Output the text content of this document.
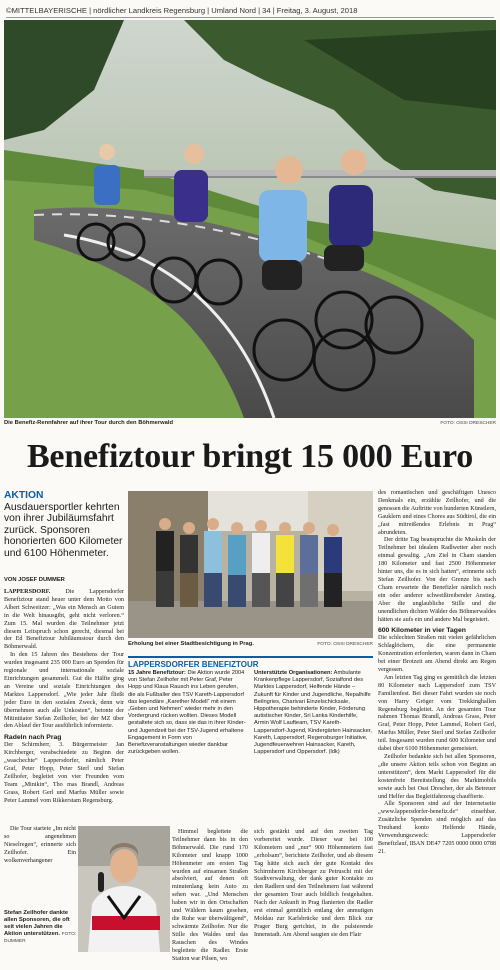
©MITTELBAYERISCHE | nördlicher Landkreis Regensburg | Umland Nord | 34 | Freitag, 3. August, 2018
Die Benefiz-Rennfahrer auf ihrer Tour durch den Böhmerwald	FOTO: OSSI DRESCHER
Benefiztour bringt 15 000 Euro
AKTION Ausdauersportler kehrten von ihrer Jubiläumsfahrt zurück. Sponsoren honorierten 600 Kilometer und 6100 Höhenmeter.
VON JOSEF DUMMER

LAPPERSDORF. Die Lappersdorfer Benefiztour stand heuer unter dem Motto von Albert Schweitzer: „Was ein Mensch an Gutem in die Welt hinausgibt, geht nicht verloren.“ Zum 15. Mal wurden die Teilnehmer jetzt diesem Leitspruch schon gerecht, diesmal bei der Ed Benefiztour Jubiläumstour durch den Böhmerwald.

In den 15 Jahren des Bestehens der Tour wurden insgesamt 235 000 Euro an Spenden für regionale und internationale soziale Einrichtungen gesammelt. Gut die Hälfte ging an Vereine und soziale Einrichtungen des Marktes Lappersdorf. „Wie jeder Jahr fließt jeder Euro in den sozialen Zweck, denn wir übernehmen auch alle Unkosten“, betonte der Mitinitiator Stefan Zeilhofer, bei der MZ über den Ablauf der Tour ausführlich informierte.

Radeln nach Prag

Der Schirmherr, 3. Bürgermeister Jan Kirchberger, verabschiedete zu Beginn der „waschechte“ Lappersdorfer, nämlich Peter Graf, Peter Hopp, Peter Sterl und Stefan Zeilhofer, begleitet von vier Freunden vom Team „Minikin“, Tho mas Brandl, Andreas Grass, Robert Gerl und Marfus Müller sowie Peter Lammel vom Rikkerstam Regensburg.

Die Tour startete „Im nicht so angenehmen Nieselregen“, erinnerte sich Zeilhofer. Ein wolkenverhangener

Stefan Zeilhofer dankte allen Sponsoren, die oft seit vielen Jahren die Aktion unterstützen. FOTO: DUMMER
Erholung bei einer Stadtbesichtigung in Prag.	FOTO: OSSI DRESCHER
LAPPERSDORFER BENEFIZTOUR
15 Jahre Benefiztour: Die Aktion wurde 2004 von Stefan Zeilhofer mit Peter Graf, Peter Hopp und Klaus Rausch ins Leben gerufen, die als Fußballer des TSV Kareth-Lappersdorf das legendäre „Karether Modell“ mit einem „Geben und Nehmen“ wieder mehr in den Vordergrund rücken wollten. Dieses Modell gestaltete sich so, dass sie das in ihrer Kinder- und Jugendzeit bei der TSV-Jugend erhaltene Engagement in Form von Benefizveranstaltungen wieder dankbar zurückgeben wollen.
Unterstützte Organisationen: Ambulante Krankenpflege Lappersdorf, Sozialfond des Marktes Lappersdorf, Helfende Hände – Zukunft für Kinder und Jugendliche, Nepalhilfe Beilngries, Charivari Einzelschicksale, Hippotherapie behinderte Kinder, Förderung autistischer Kinder, Sri Lanka Kinderhilfe, Armin Wolf Laufteam, TSV Kareth-Lappersdorf-Jugend, Kindergärten Hainsacker, Kareth, Lappersdorf, Regensburger Initiative, Jugendfeuerwehren Hainsacker, Kareth, Lappersdorf und Oppersdorf. (ldk)

Himmel begleitete die Teilnehmer dann bis in den Böhmerwald. Die rund 170 Kilometer und knapp 1000 Höhenmeter am ersten Tag wurden auf einsamen Straßen absolviert, auf denen oft minutenlang kein Auto zu sehen war. „Und Menschen haben wir in den Ortschaften und Wäldern kaum gesehen, die Ruhe war überwältigend“, schwärmte Zeilhofer. Nur die Stille des Waldes und das Rauschen des Windes begleitete die Radler. Erste Station war Pilsen, wo

sich gestärkt und auf den zweiten Tag vorbereitet wurde. Dieser war bei 100 Kilometern und „nur“ 900 Höhenmetern fast „erholsam“, berichtete Zeilhofer, und ab diesem Tag hätte sich auch der gute Kontakt des Schirmherrn Kirchberger zu Petruschi mit der Stadtverwaltung, der dank guter Kontakte zu den Radlern und den Teilnehmern fast während der gesamten Tour auch bildlich festgehalten. Nach der Ankunft in Prag flanierten die Radler erst einmal gemütlich entlang der anmutigen Moldau zur Karlsbrücke und dem Blick zur Prager Burg gerichtet, in die pulsierende Innenstadt. Am Abend saugten sie den Flair

des romantischen und geschäftigen Unesco Denkmals ein, erzählte Zeilhofer, und die genossen die Auftritte von hunderten Künstlern, Gauklern und eines Chores aus Südtirol, die ein „fast mitreißendes Erlebnis in Prag“ abrundeten.

Der dritte Tag beanspruchte die Muskeln der Teilnehmer bei idealem Radlwetter aber noch einmal gewaltig. „Am Ziel in Cham standen 180 Kilometer und fast 2500 Höhenmeter hinter uns, die es in sich hatten“, erinnerte sich Stefan Zeilhofer. Von der Grenze bis nach Cham erwartete die Benefizler nämlich noch ein oder anderer schweißtreibender Anstieg. Aber die unglaubliche Stille und die unendlichen dichten Wälder des Böhmerwaldes hätten sie aufs ein und andere Mal begeistert.

600 Kilometer in vier Tagen

Die schlechten Straßen mit vielen gefährlichen Schlaglöchern, die eine permanente Konzentration erforderten, waren dann in Cham bei einer Brotzeit am Abend direkt am Regen vergessen.

Am letzten Tag ging es gemütlich die letzten 80 Kilometer nach Lappersdorf zum TSV Familienfest. Bei dieser Fahrt wurden sie noch von Harry Gröger vom Trekkinghallen Regensburg begleitet. An der gesamten Tour nahmen Thomas Brandl, Andreas Grass, Peter Graf, Peter Hopp, Peter Lammel, Robert Gerl, Marfus Müller, Peter Sterl und Stefan Zeilhofer teil. Insgesamt wurden rund 600 Kilometer und dabei über 6100 Höhenmeter gemeistert.

Zeilhofer bedankte sich bei allen Sponsoren, „die unsere Aktion teils schon von Beginn an unterstützen“, dem Markt Lappersdorf für die kostenfreie Bereitstellung des Marktmobils sowie auch bei Ossi Drescher, der als Betreuer und Helfer das Begleitfahrzeug chauffierte.

Alle Sponsoren sind auf der Internetseite „www.lappersdorfer-benefiz.de“ einsehbar. Zusätzliche Spenden sind möglich auf das Treuhand konto Helfende Hände, Verwendungszweck: Lappersdorfer Benefizlauf, IBAN DE47 7205 0000 0000 0788 21.
